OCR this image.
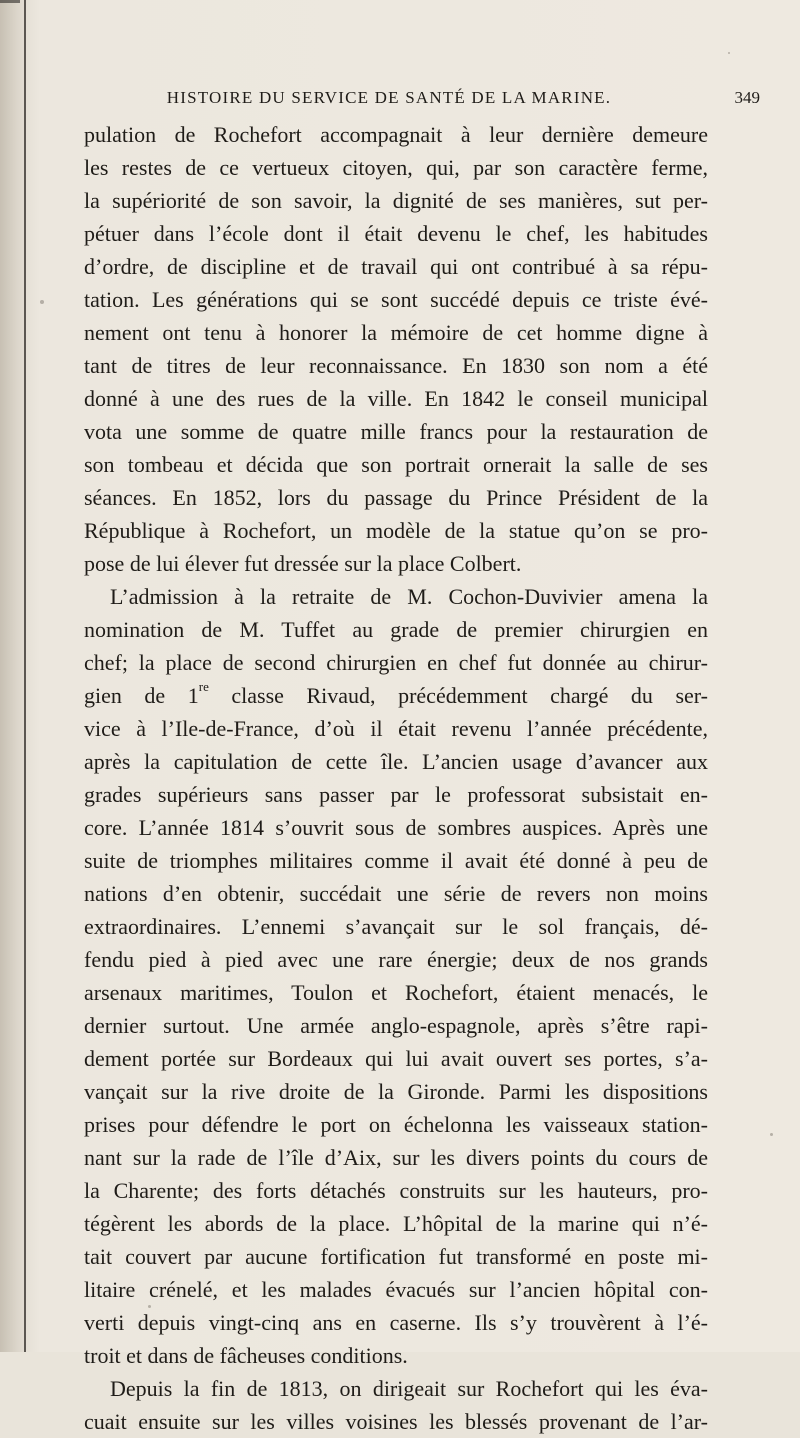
HISTOIRE DU SERVICE DE SANTÉ DE LA MARINE.	349
pulation de Rochefort accompagnait à leur dernière demeure
les restes de ce vertueux citoyen, qui, par son caractère ferme,
la supériorité de son savoir, la dignité de ses manières, sut per-
pétuer dans l’école dont il était devenu le chef, les habitudes
d’ordre, de discipline et de travail qui ont contribué à sa répu-
tation. Les générations qui se sont succédé depuis ce triste évé-
nement ont tenu à honorer la mémoire de cet homme digne à
tant de titres de leur reconnaissance. En 1830 son nom a été
donné à une des rues de la ville. En 1842 le conseil municipal
vota une somme de quatre mille francs pour la restauration de
son tombeau et décida que son portrait ornerait la salle de ses
séances. En 1852, lors du passage du Prince Président de la
République à Rochefort, un modèle de la statue qu’on se pro-
pose de lui élever fut dressée sur la place Colbert.
L’admission à la retraite de M. Cochon-Duvivier amena la
nomination de M. Tuffet au grade de premier chirurgien en
chef; la place de second chirurgien en chef fut donnée au chirur-
gien de 1re classe Rivaud, précédemment chargé du ser-
vice à l’Ile-de-France, d’où il était revenu l’année précédente,
après la capitulation de cette île. L’ancien usage d’avancer aux
grades supérieurs sans passer par le professorat subsistait en-
core. L’année 1814 s’ouvrit sous de sombres auspices. Après une
suite de triomphes militaires comme il avait été donné à peu de
nations d’en obtenir, succédait une série de revers non moins
extraordinaires. L’ennemi s’avançait sur le sol français, dé-
fendu pied à pied avec une rare énergie; deux de nos grands
arsenaux maritimes, Toulon et Rochefort, étaient menacés, le
dernier surtout. Une armée anglo-espagnole, après s’être rapi-
dement portée sur Bordeaux qui lui avait ouvert ses portes, s’a-
vançait sur la rive droite de la Gironde. Parmi les dispositions
prises pour défendre le port on échelonna les vaisseaux station-
nant sur la rade de l’île d’Aix, sur les divers points du cours de
la Charente; des forts détachés construits sur les hauteurs, pro-
tégèrent les abords de la place. L’hôpital de la marine qui n’é-
tait couvert par aucune fortification fut transformé en poste mi-
litaire crénelé, et les malades évacués sur l’ancien hôpital con-
verti depuis vingt-cinq ans en caserne. Ils s’y trouvèrent à l’é-
troit et dans de fâcheuses conditions.
Depuis la fin de 1813, on dirigeait sur Rochefort qui les éva-
cuait ensuite sur les villes voisines les blessés provenant de l’ar-
